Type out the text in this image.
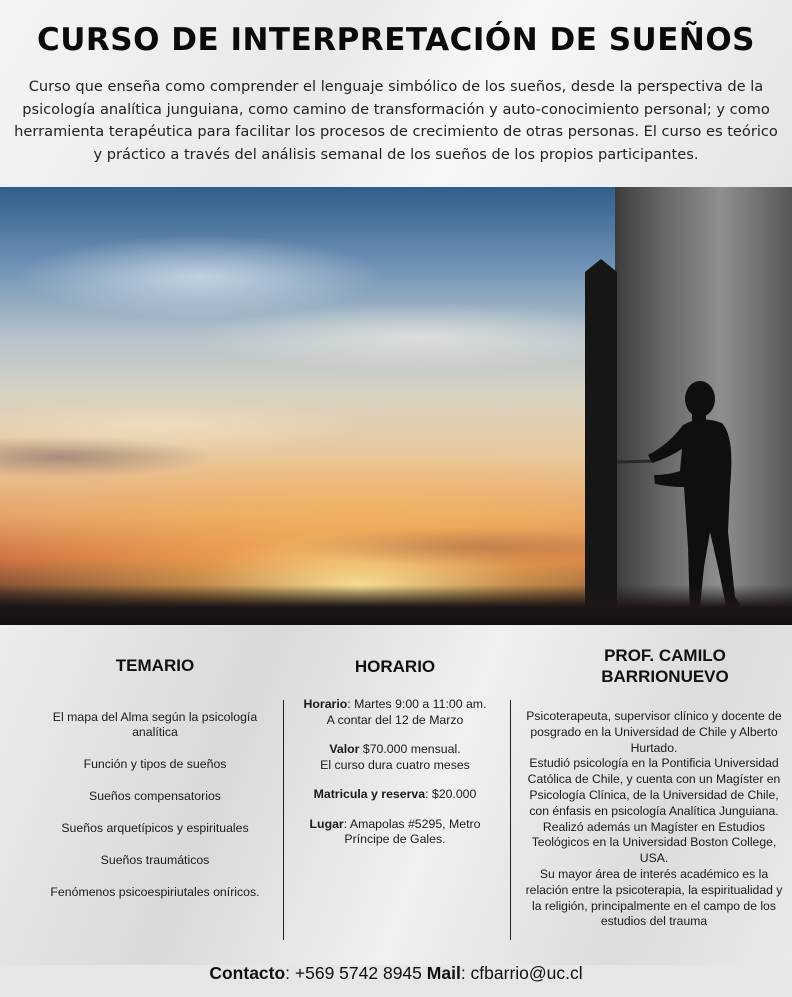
CURSO DE INTERPRETACIÓN DE SUEÑOS
Curso que enseña como comprender el lenguaje simbólico de los sueños, desde la perspectiva de la psicología analítica junguiana, como camino de transformación y auto-conocimiento personal; y como herramienta terapéutica para facilitar los procesos de crecimiento de otras personas. El curso es teórico y práctico a través del análisis semanal de los sueños de los propios participantes.
TEMARIO
El mapa del Alma según la psicología analítica
Función y tipos de sueños
Sueños compensatorios
Sueños arquetípicos y espirituales
Sueños traumáticos
Fenómenos psicoespiriutales oníricos.
HORARIO
Horario: Martes 9:00 a 11:00 am.
A contar del 12 de Marzo
Valor $70.000 mensual.
El curso dura cuatro meses
Matricula y reserva: $20.000
Lugar: Amapolas #5295, Metro Príncipe de Gales.
PROF. CAMILO BARRIONUEVO
Psicoterapeuta, supervisor clínico y docente de posgrado en la Universidad de Chile y Alberto Hurtado.
Estudió psicología en la Pontificia Universidad Católica de Chile, y cuenta con un Magíster en Psicología Clínica, de la Universidad de Chile, con énfasis en psicología Analítica Junguiana. Realizó además un Magíster en Estudios Teológicos en la Universidad Boston College, USA.
Su mayor área de interés académico es la relación entre la psicoterapia, la espiritualidad y la religión, principalmente en el campo de los estudios del trauma
Contacto: +569 5742 8945 Mail: cfbarrio@uc.cl
